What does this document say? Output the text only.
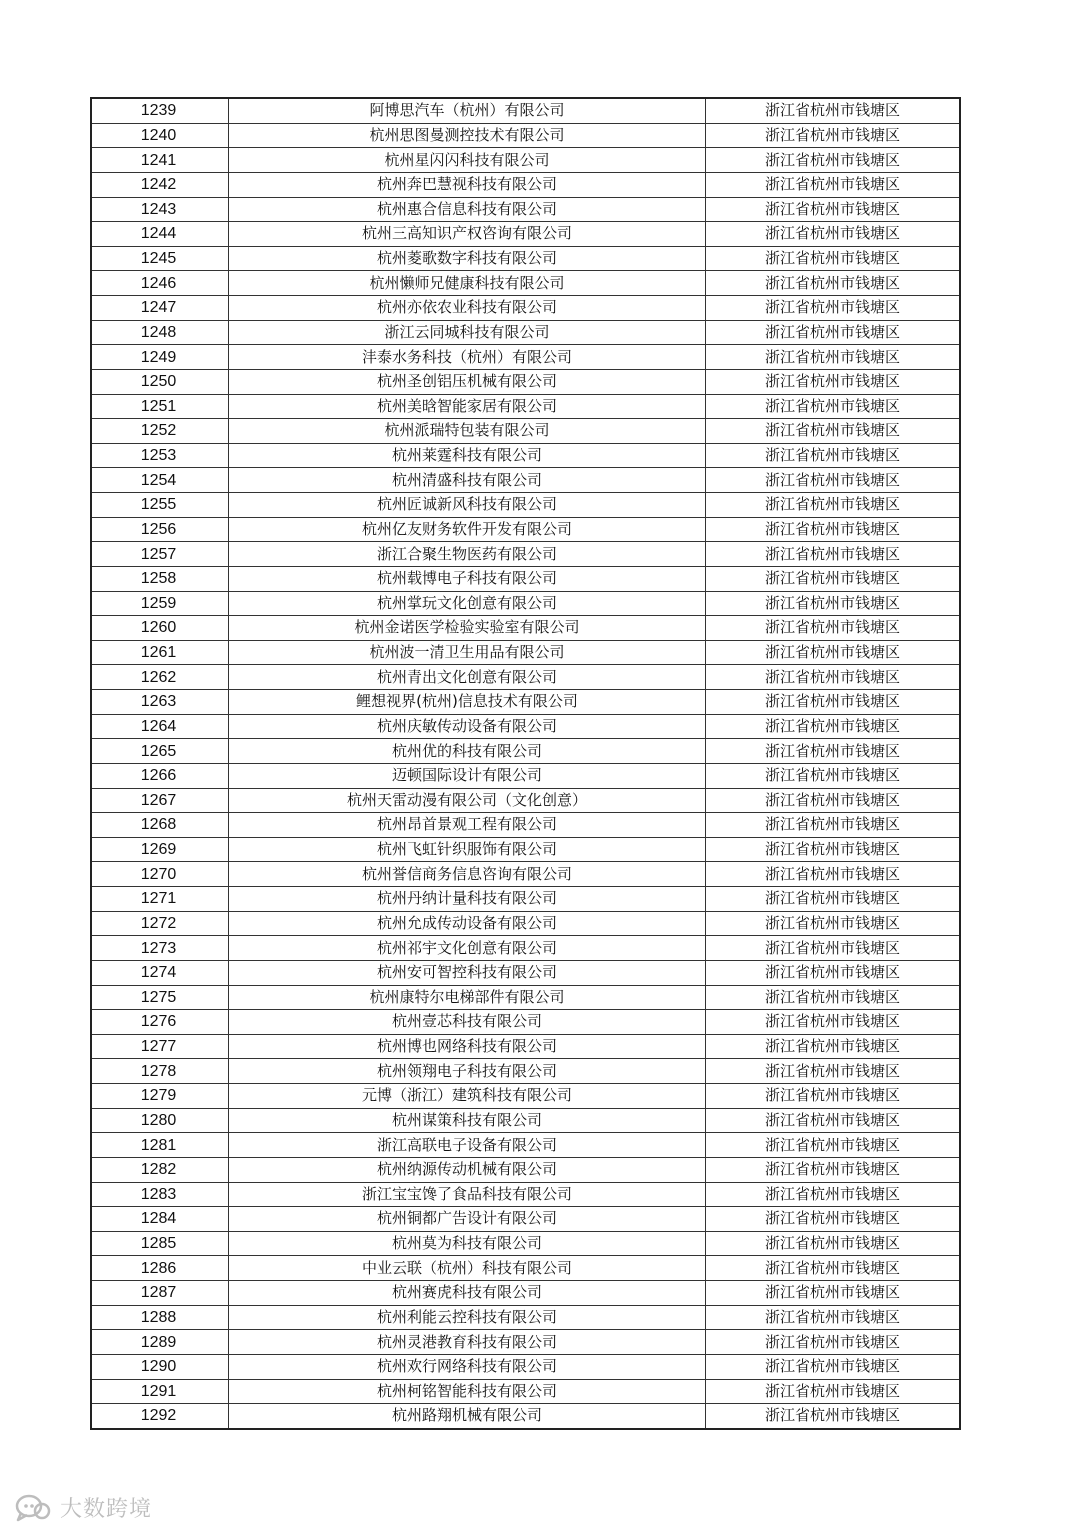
1239	阿博思汽车（杭州）有限公司	浙江省杭州市钱塘区
1240	杭州思图曼测控技术有限公司	浙江省杭州市钱塘区
1241	杭州星闪闪科技有限公司	浙江省杭州市钱塘区
1242	杭州奔巴慧视科技有限公司	浙江省杭州市钱塘区
1243	杭州惠合信息科技有限公司	浙江省杭州市钱塘区
1244	杭州三高知识产权咨询有限公司	浙江省杭州市钱塘区
1245	杭州菱歌数字科技有限公司	浙江省杭州市钱塘区
1246	杭州懒师兄健康科技有限公司	浙江省杭州市钱塘区
1247	杭州亦依农业科技有限公司	浙江省杭州市钱塘区
1248	浙江云同城科技有限公司	浙江省杭州市钱塘区
1249	沣泰水务科技（杭州）有限公司	浙江省杭州市钱塘区
1250	杭州圣创铝压机械有限公司	浙江省杭州市钱塘区
1251	杭州美晗智能家居有限公司	浙江省杭州市钱塘区
1252	杭州派瑞特包装有限公司	浙江省杭州市钱塘区
1253	杭州莱霆科技有限公司	浙江省杭州市钱塘区
1254	杭州清盛科技有限公司	浙江省杭州市钱塘区
1255	杭州匠诚新风科技有限公司	浙江省杭州市钱塘区
1256	杭州亿友财务软件开发有限公司	浙江省杭州市钱塘区
1257	浙江合聚生物医药有限公司	浙江省杭州市钱塘区
1258	杭州载博电子科技有限公司	浙江省杭州市钱塘区
1259	杭州掌玩文化创意有限公司	浙江省杭州市钱塘区
1260	杭州金诺医学检验实验室有限公司	浙江省杭州市钱塘区
1261	杭州波一清卫生用品有限公司	浙江省杭州市钱塘区
1262	杭州青出文化创意有限公司	浙江省杭州市钱塘区
1263	鲤想视界(杭州)信息技术有限公司	浙江省杭州市钱塘区
1264	杭州庆敏传动设备有限公司	浙江省杭州市钱塘区
1265	杭州优的科技有限公司	浙江省杭州市钱塘区
1266	迈顿国际设计有限公司	浙江省杭州市钱塘区
1267	杭州天雷动漫有限公司（文化创意）	浙江省杭州市钱塘区
1268	杭州昂首景观工程有限公司	浙江省杭州市钱塘区
1269	杭州飞虹针织服饰有限公司	浙江省杭州市钱塘区
1270	杭州誉信商务信息咨询有限公司	浙江省杭州市钱塘区
1271	杭州丹纳计量科技有限公司	浙江省杭州市钱塘区
1272	杭州允成传动设备有限公司	浙江省杭州市钱塘区
1273	杭州祁宇文化创意有限公司	浙江省杭州市钱塘区
1274	杭州安可智控科技有限公司	浙江省杭州市钱塘区
1275	杭州康特尔电梯部件有限公司	浙江省杭州市钱塘区
1276	杭州壹芯科技有限公司	浙江省杭州市钱塘区
1277	杭州博也网络科技有限公司	浙江省杭州市钱塘区
1278	杭州领翔电子科技有限公司	浙江省杭州市钱塘区
1279	元博（浙江）建筑科技有限公司	浙江省杭州市钱塘区
1280	杭州谋策科技有限公司	浙江省杭州市钱塘区
1281	浙江高联电子设备有限公司	浙江省杭州市钱塘区
1282	杭州纳源传动机械有限公司	浙江省杭州市钱塘区
1283	浙江宝宝馋了食品科技有限公司	浙江省杭州市钱塘区
1284	杭州铜都广告设计有限公司	浙江省杭州市钱塘区
1285	杭州莫为科技有限公司	浙江省杭州市钱塘区
1286	中业云联（杭州）科技有限公司	浙江省杭州市钱塘区
1287	杭州赛虎科技有限公司	浙江省杭州市钱塘区
1288	杭州利能云控科技有限公司	浙江省杭州市钱塘区
1289	杭州灵港教育科技有限公司	浙江省杭州市钱塘区
1290	杭州欢行网络科技有限公司	浙江省杭州市钱塘区
1291	杭州柯铭智能科技有限公司	浙江省杭州市钱塘区
1292	杭州路翔机械有限公司	浙江省杭州市钱塘区
大数跨境
